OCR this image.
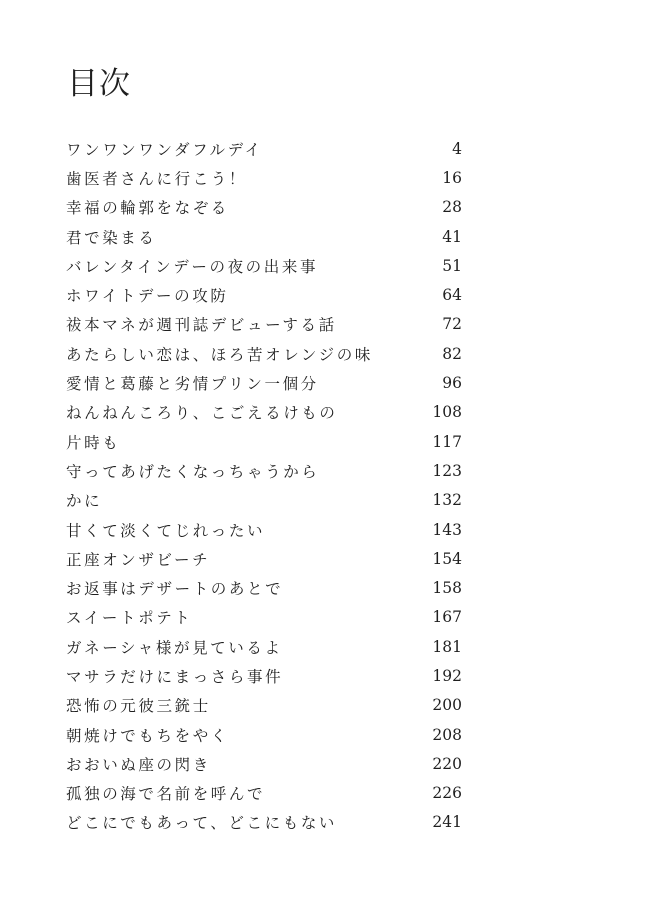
目次
ワンワンワンダフルデイ	4
歯医者さんに行こう！	16
幸福の輪郭をなぞる	28
君で染まる	41
バレンタインデーの夜の出来事	51
ホワイトデーの攻防	64
祓本マネが週刊誌デビューする話	72
あたらしい恋は、ほろ苦オレンジの味	82
愛情と葛藤と劣情プリン一個分	96
ねんねんころり、こごえるけもの	108
片時も	117
守ってあげたくなっちゃうから	123
かに	132
甘くて淡くてじれったい	143
正座オンザビーチ	154
お返事はデザートのあとで	158
スイートポテト	167
ガネーシャ様が見ているよ	181
マサラだけにまっさら事件	192
恐怖の元彼三銃士	200
朝焼けでもちをやく	208
おおいぬ座の閃き	220
孤独の海で名前を呼んで	226
どこにでもあって、どこにもない	241
